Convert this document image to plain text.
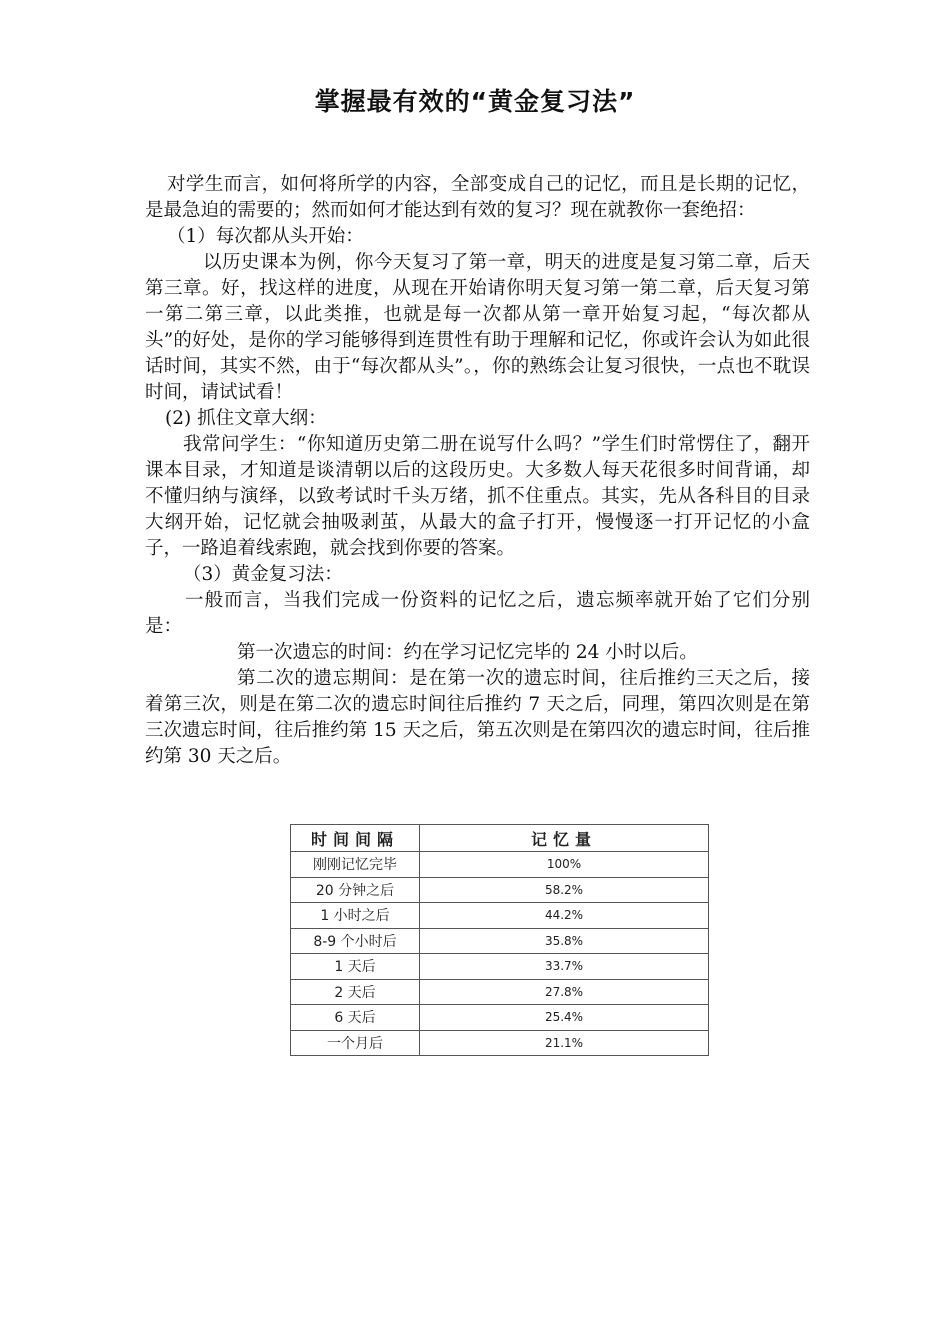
掌握最有效的“黄金复习法”

对学生而言，如何将所学的内容，全部变成自己的记忆，而且是长期的记忆，是最急迫的需要的；然而如何才能达到有效的复习？现在就教你一套绝招：

（1）每次都从头开始：

以历史课本为例，你今天复习了第一章，明天的进度是复习第二章，后天第三章。好，找这样的进度，从现在开始请你明天复习第一第二章，后天复习第一第二第三章，以此类推，也就是每一次都从第一章开始复习起，“每次都从头”的好处，是你的学习能够得到连贯性有助于理解和记忆，你或许会认为如此很话时间，其实不然，由于“每次都从头”。，你的熟练会让复习很快，一点也不耽误时间，请试试看！

(2) 抓住文章大纲：

我常问学生：“你知道历史第二册在说写什么吗？”学生们时常愣住了，翻开课本目录，才知道是谈清朝以后的这段历史。大多数人每天花很多时间背诵，却不懂归纳与演绎，以致考试时千头万绪，抓不住重点。其实，先从各科目的目录大纲开始，记忆就会抽吸剥茧，从最大的盒子打开，慢慢逐一打开记忆的小盒子，一路追着线索跑，就会找到你要的答案。

（3）黄金复习法：

一般而言，当我们完成一份资料的记忆之后，遗忘频率就开始了它们分别是：

第一次遗忘的时间：约在学习记忆完毕的 24 小时以后。

第二次的遗忘期间：是在第一次的遗忘时间，往后推约三天之后，接着第三次，则是在第二次的遗忘时间往后推约 7 天之后，同理，第四次则是在第三次遗忘时间，往后推约第 15 天之后，第五次则是在第四次的遗忘时间，往后推约第 30 天之后。

时间间隔	记忆量
刚刚记忆完毕	100%
20 分钟之后	58.2%
1 小时之后	44.2%
8-9 个小时后	35.8%
1 天后	33.7%
2 天后	27.8%
6 天后	25.4%
一个月后	21.1%
